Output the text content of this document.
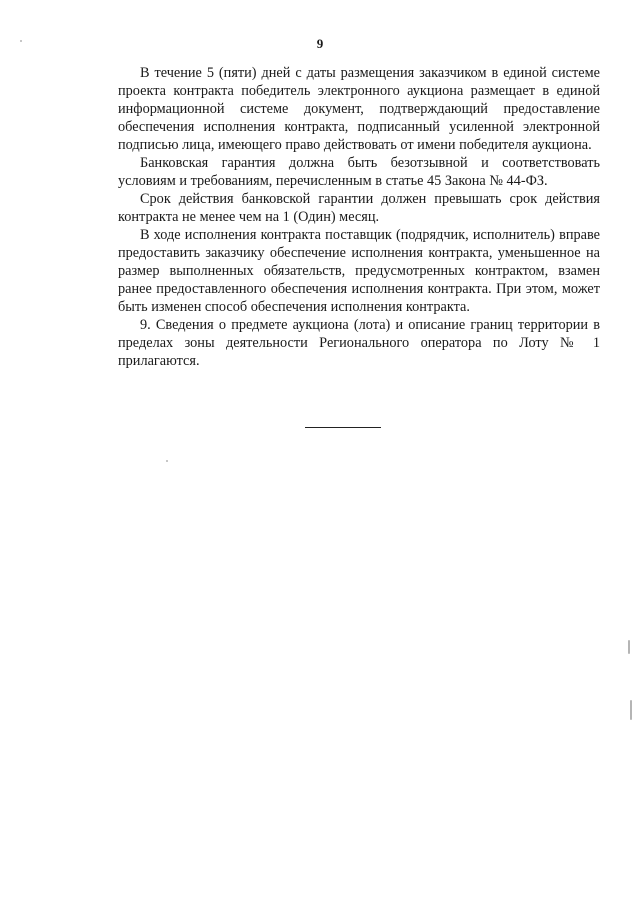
9

В течение 5 (пяти) дней с даты размещения заказчиком в единой системе проекта контракта победитель электронного аукциона размещает в единой информационной системе документ, подтверждающий предоставление обеспечения исполнения контракта, подписанный усиленной электронной подписью лица, имеющего право действовать от имени победителя аукциона.

Банковская гарантия должна быть безотзывной и соответствовать условиям и требованиям, перечисленным в статье 45 Закона № 44-ФЗ.

Срок действия банковской гарантии должен превышать срок действия контракта не менее чем на 1 (Один) месяц.

В ходе исполнения контракта поставщик (подрядчик, исполнитель) вправе предоставить заказчику обеспечение исполнения контракта, уменьшенное на размер выполненных обязательств, предусмотренных контрактом, взамен ранее предоставленного обеспечения исполнения контракта. При этом, может быть изменен способ обеспечения исполнения контракта.

9. Сведения о предмете аукциона (лота) и описание границ территории в пределах зоны деятельности Регионального оператора по Лоту № 1 прилагаются.
